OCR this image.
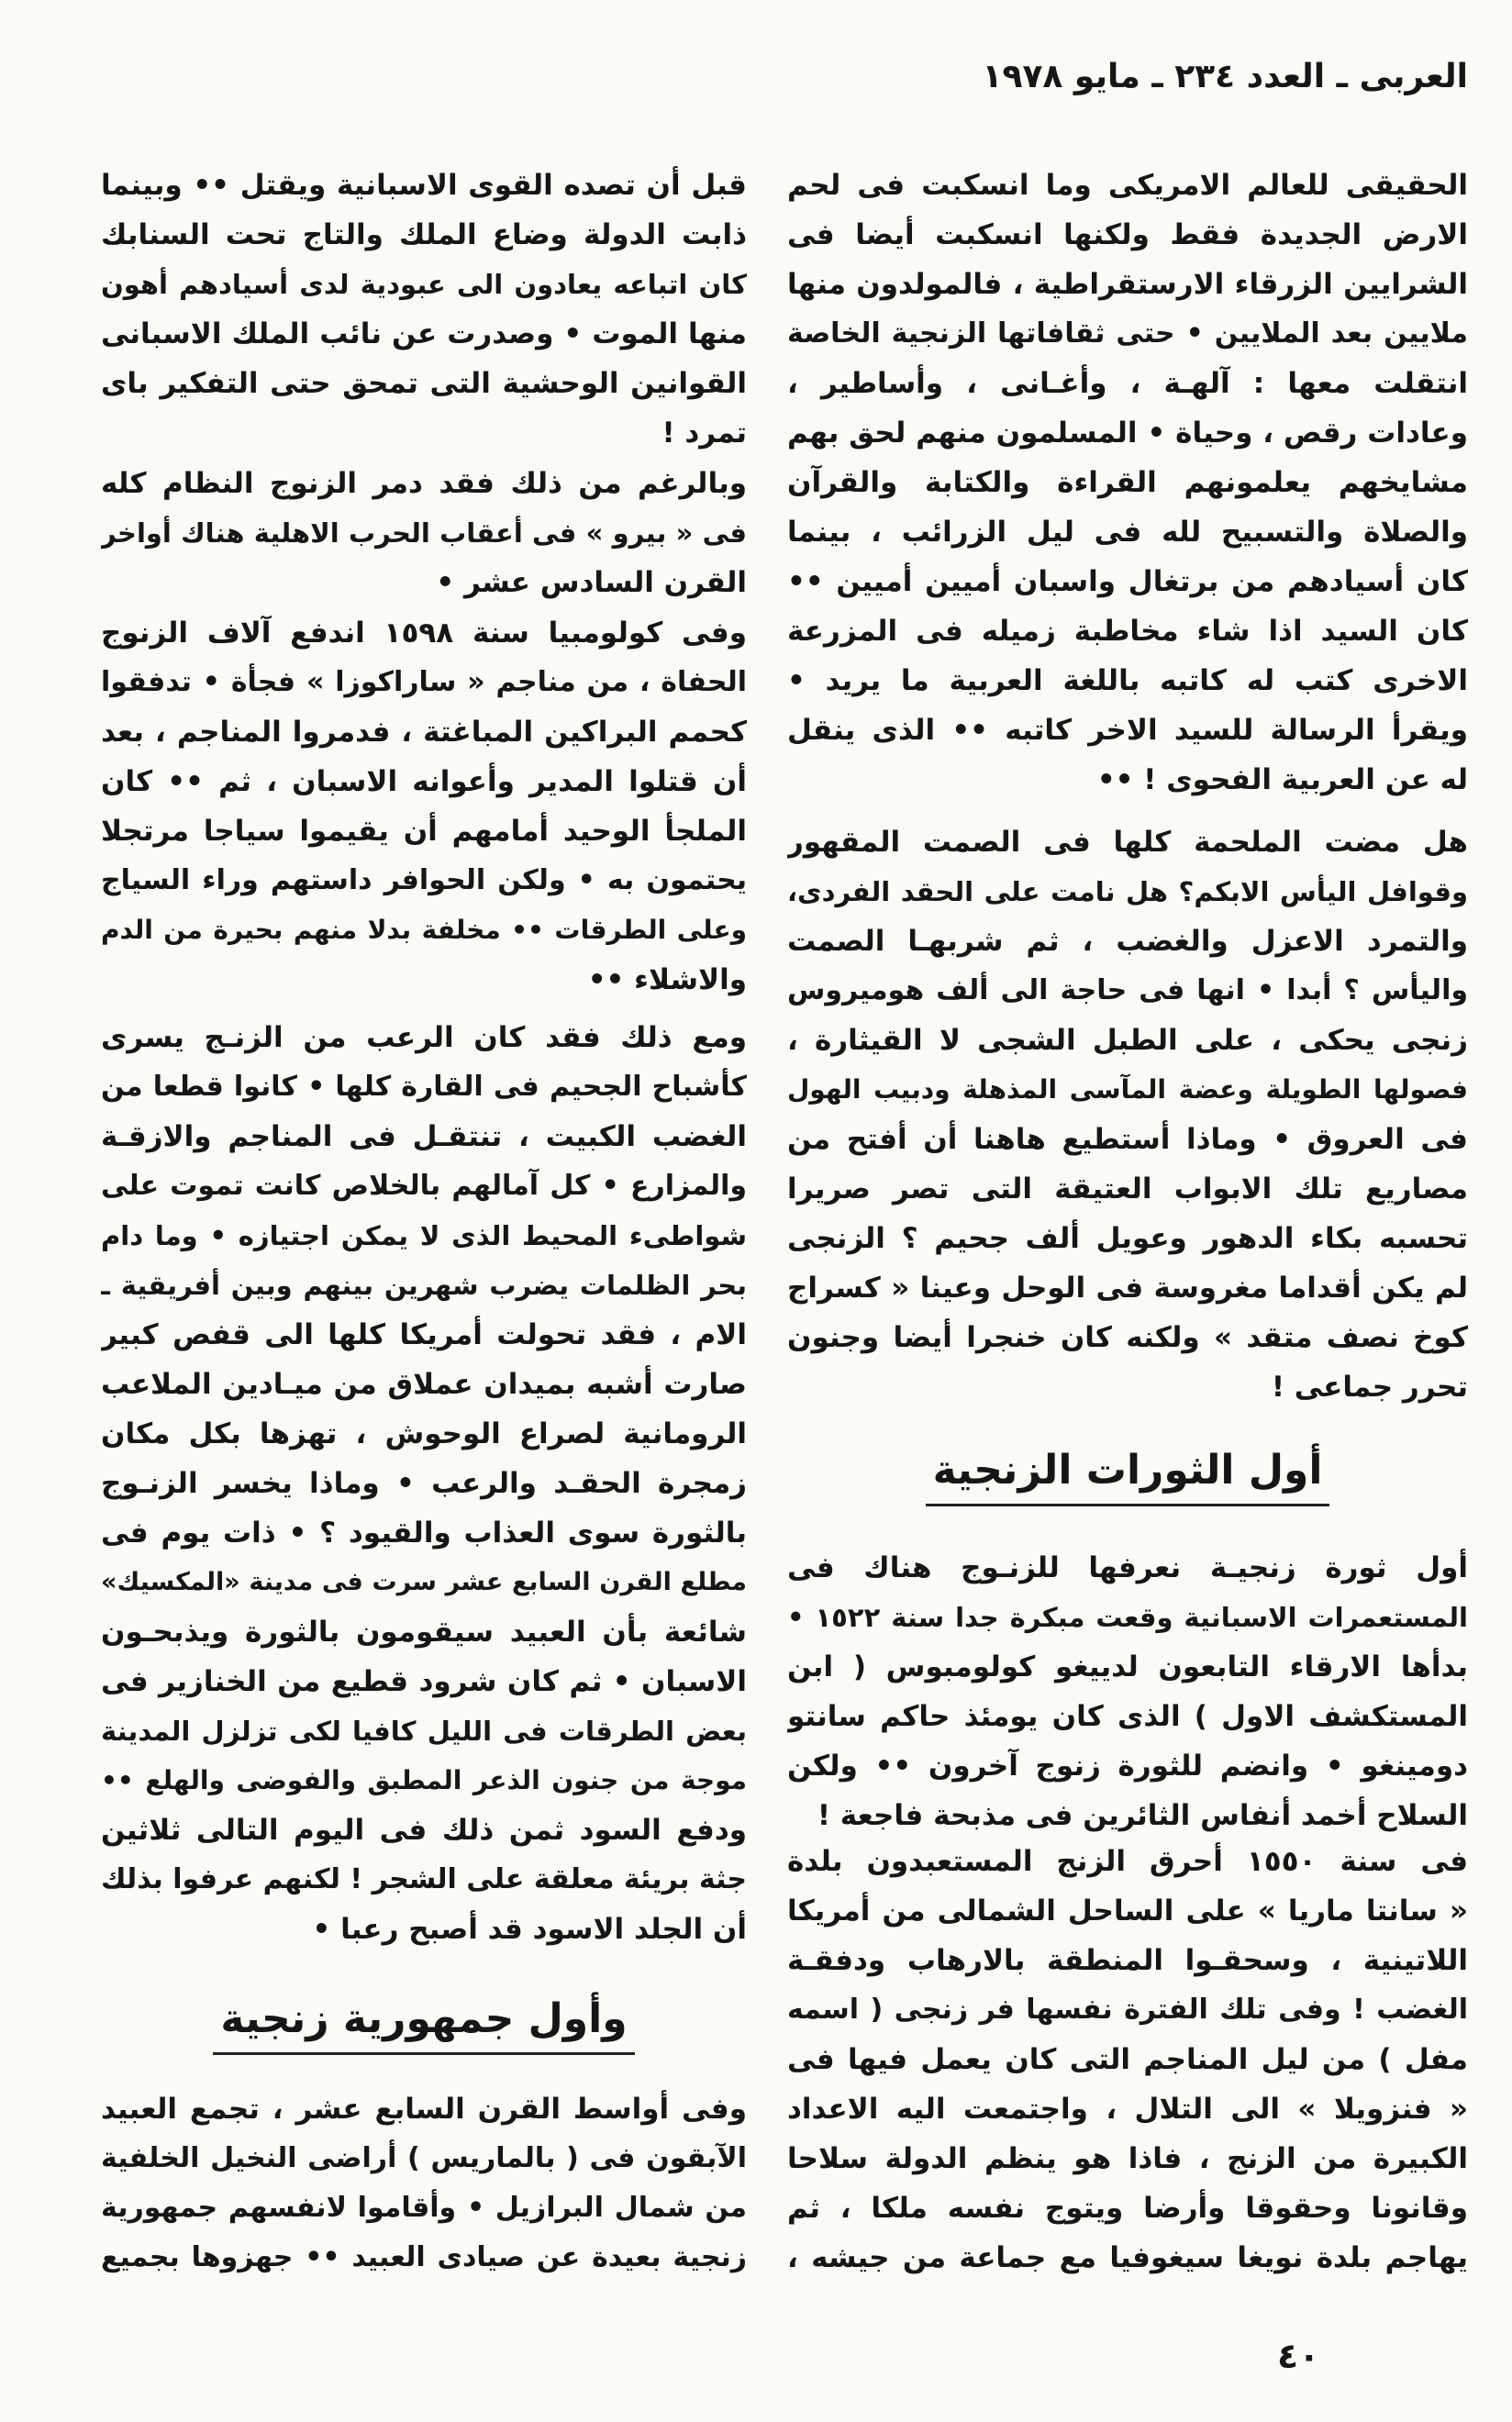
العربى ـ العدد ٢٣٤ ـ مايو ١٩٧٨
الحقيقى للعالم الامريكى وما انسكبت فى لحم
الارض الجديدة فقط ولكنها انسكبت أيضا فى
الشرايين الزرقاء الارستقراطية ، فالمولدون منها
ملايين بعد الملايين • حتى ثقافاتها الزنجية الخاصة
انتقلت معها : آلهـة ، وأغـانى ، وأساطير ،
وعادات رقص ، وحياة • المسلمون منهم لحق بهم
مشايخهم يعلمونهم القراءة والكتابة والقرآن
والصلاة والتسبيح لله فى ليل الزرائب ، بينما
كان أسيادهم من برتغال واسبان أميين أميين ••
كان السيد اذا شاء مخاطبة زميله فى المزرعة
الاخرى كتب له كاتبه باللغة العربية ما يريد •
ويقرأ الرسالة للسيد الاخر كاتبه •• الذى ينقل
له عن العربية الفحوى ! ••
هل مضت الملحمة كلها فى الصمت المقهور
وقوافل اليأس الابكم؟ هل نامت على الحقد الفردى،
والتمرد الاعزل والغضب ، ثم شربهـا الصمت
واليأس ؟ أبدا • انها فى حاجة الى ألف هوميروس
زنجى يحكى ، على الطبل الشجى لا القيثارة ،
فصولها الطويلة وعضة المآسى المذهلة ودبيب الهول
فى العروق • وماذا أستطيع هاهنا أن أفتح من
مصاريع تلك الابواب العتيقة التى تصر صريرا
تحسبه بكاء الدهور وعويل ألف جحيم ؟ الزنجى
لم يكن أقداما مغروسة فى الوحل وعينا « كسراج
كوخ نصف متقد » ولكنه كان خنجرا أيضا وجنون
تحرر جماعى !
أول الثورات الزنجية
أول ثورة زنجيـة نعرفها للزنـوج هناك فى
المستعمرات الاسبانية وقعت مبكرة جدا سنة ١٥٢٢ •
بدأها الارقاء التابعون لدييغو كولومبوس ( ابن
المستكشف الاول ) الذى كان يومئذ حاكم سانتو
دومينغو • وانضم للثورة زنوج آخرون •• ولكن
السلاح أخمد أنفاس الثائرين فى مذبحة فاجعة !
فى سنة ١٥٥٠ أحرق الزنج المستعبدون بلدة
« سانتا ماريا » على الساحل الشمالى من أمريكا
اللاتينية ، وسحقـوا المنطقة بالارهاب ودفقـة
الغضب ! وفى تلك الفترة نفسها فر زنجى ( اسمه
مفل ) من ليل المناجم التى كان يعمل فيها فى
« فنزويلا » الى التلال ، واجتمعت اليه الاعداد
الكبيرة من الزنج ، فاذا هو ينظم الدولة سلاحا
وقانونا وحقوقا وأرضا ويتوج نفسه ملكا ، ثم
يهاجم بلدة نويغا سيغوفيا مع جماعة من جيشه ،
قبل أن تصده القوى الاسبانية ويقتل •• وبينما
ذابت الدولة وضاع الملك والتاج تحت السنابك
كان اتباعه يعادون الى عبودية لدى أسيادهم أهون
منها الموت • وصدرت عن نائب الملك الاسبانى
القوانين الوحشية التى تمحق حتى التفكير باى
تمرد !
وبالرغم من ذلك فقد دمر الزنوج النظام كله
فى « بيرو » فى أعقاب الحرب الاهلية هناك أواخر
القرن السادس عشر •
وفى كولومبيا سنة ١٥٩٨ اندفع آلاف الزنوج
الحفاة ، من مناجم « ساراكوزا » فجأة • تدفقوا
كحمم البراكين المباغتة ، فدمروا المناجم ، بعد
أن قتلوا المدير وأعوانه الاسبان ، ثم •• كان
الملجأ الوحيد أمامهم أن يقيموا سياجا مرتجلا
يحتمون به • ولكن الحوافر داستهم وراء السياج
وعلى الطرقات •• مخلفة بدلا منهم بحيرة من الدم
والاشلاء ••
ومع ذلك فقد كان الرعب من الزنـج يسرى
كأشباح الجحيم فى القارة كلها • كانوا قطعا من
الغضب الكبيت ، تنتقـل فى المناجم والازقـة
والمزارع • كل آمالهم بالخلاص كانت تموت على
شواطىء المحيط الذى لا يمكن اجتيازه • وما دام
بحر الظلمات يضرب شهرين بينهم وبين أفريقية ـ
الام ، فقد تحولت أمريكا كلها الى قفص كبير
صارت أشبه بميدان عملاق من ميـادين الملاعب
الرومانية لصراع الوحوش ، تهزها بكل مكان
زمجرة الحقـد والرعب • وماذا يخسر الزنـوج
بالثورة سوى العذاب والقيود ؟ • ذات يوم فى
مطلع القرن السابع عشر سرت فى مدينة «المكسيك»
شائعة بأن العبيد سيقومون بالثورة ويذبحـون
الاسبان • ثم كان شرود قطيع من الخنازير فى
بعض الطرقات فى الليل كافيا لكى تزلزل المدينة
موجة من جنون الذعر المطبق والفوضى والهلع ••
ودفع السود ثمن ذلك فى اليوم التالى ثلاثين
جثة بريئة معلقة على الشجر ! لكنهم عرفوا بذلك
أن الجلد الاسود قد أصبح رعبا •
وأول جمهورية زنجية
وفى أواسط القرن السابع عشر ، تجمع العبيد
الآبقون فى ( بالماريس ) أراضى النخيل الخلفية
من شمال البرازيل • وأقاموا لانفسهم جمهورية
زنجية بعيدة عن صيادى العبيد •• جهزوها بجميع
٤٠
